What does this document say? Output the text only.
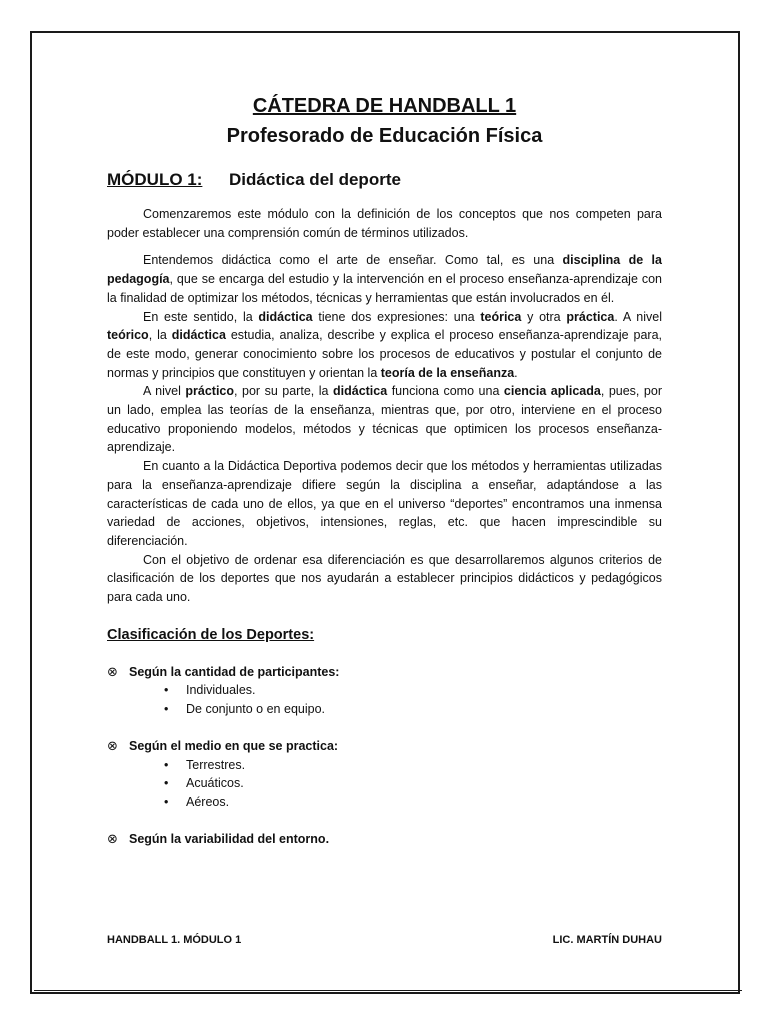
CÁTEDRA DE HANDBALL 1
Profesorado de Educación Física
MÓDULO 1: Didáctica del deporte

Comenzaremos este módulo con la definición de los conceptos que nos competen para poder establecer una comprensión común de términos utilizados.

Entendemos didáctica como el arte de enseñar. Como tal, es una disciplina de la pedagogía, que se encarga del estudio y la intervención en el proceso enseñanza-aprendizaje con la finalidad de optimizar los métodos, técnicas y herramientas que están involucrados en él.

En este sentido, la didáctica tiene dos expresiones: una teórica y otra práctica. A nivel teórico, la didáctica estudia, analiza, describe y explica el proceso enseñanza-aprendizaje para, de este modo, generar conocimiento sobre los procesos de educativos y postular el conjunto de normas y principios que constituyen y orientan la teoría de la enseñanza.

A nivel práctico, por su parte, la didáctica funciona como una ciencia aplicada, pues, por un lado, emplea las teorías de la enseñanza, mientras que, por otro, interviene en el proceso educativo proponiendo modelos, métodos y técnicas que optimicen los procesos enseñanza-aprendizaje.

En cuanto a la Didáctica Deportiva podemos decir que los métodos y herramientas utilizadas para la enseñanza-aprendizaje difiere según la disciplina a enseñar, adaptándose a las características de cada uno de ellos, ya que en el universo “deportes” encontramos una inmensa variedad de acciones, objetivos, intensiones, reglas, etc. que hacen imprescindible su diferenciación.

Con el objetivo de ordenar esa diferenciación es que desarrollaremos algunos criterios de clasificación de los deportes que nos ayudarán a establecer principios didácticos y pedagógicos para cada uno.

Clasificación de los Deportes:
⊗ Según la cantidad de participantes:
• Individuales.
• De conjunto o en equipo.
⊗ Según el medio en que se practica:
• Terrestres.
• Acuáticos.
• Aéreos.
⊗ Según la variabilidad del entorno.
HANDBALL 1. MÓDULO 1	LIC. MARTÍN DUHAU
